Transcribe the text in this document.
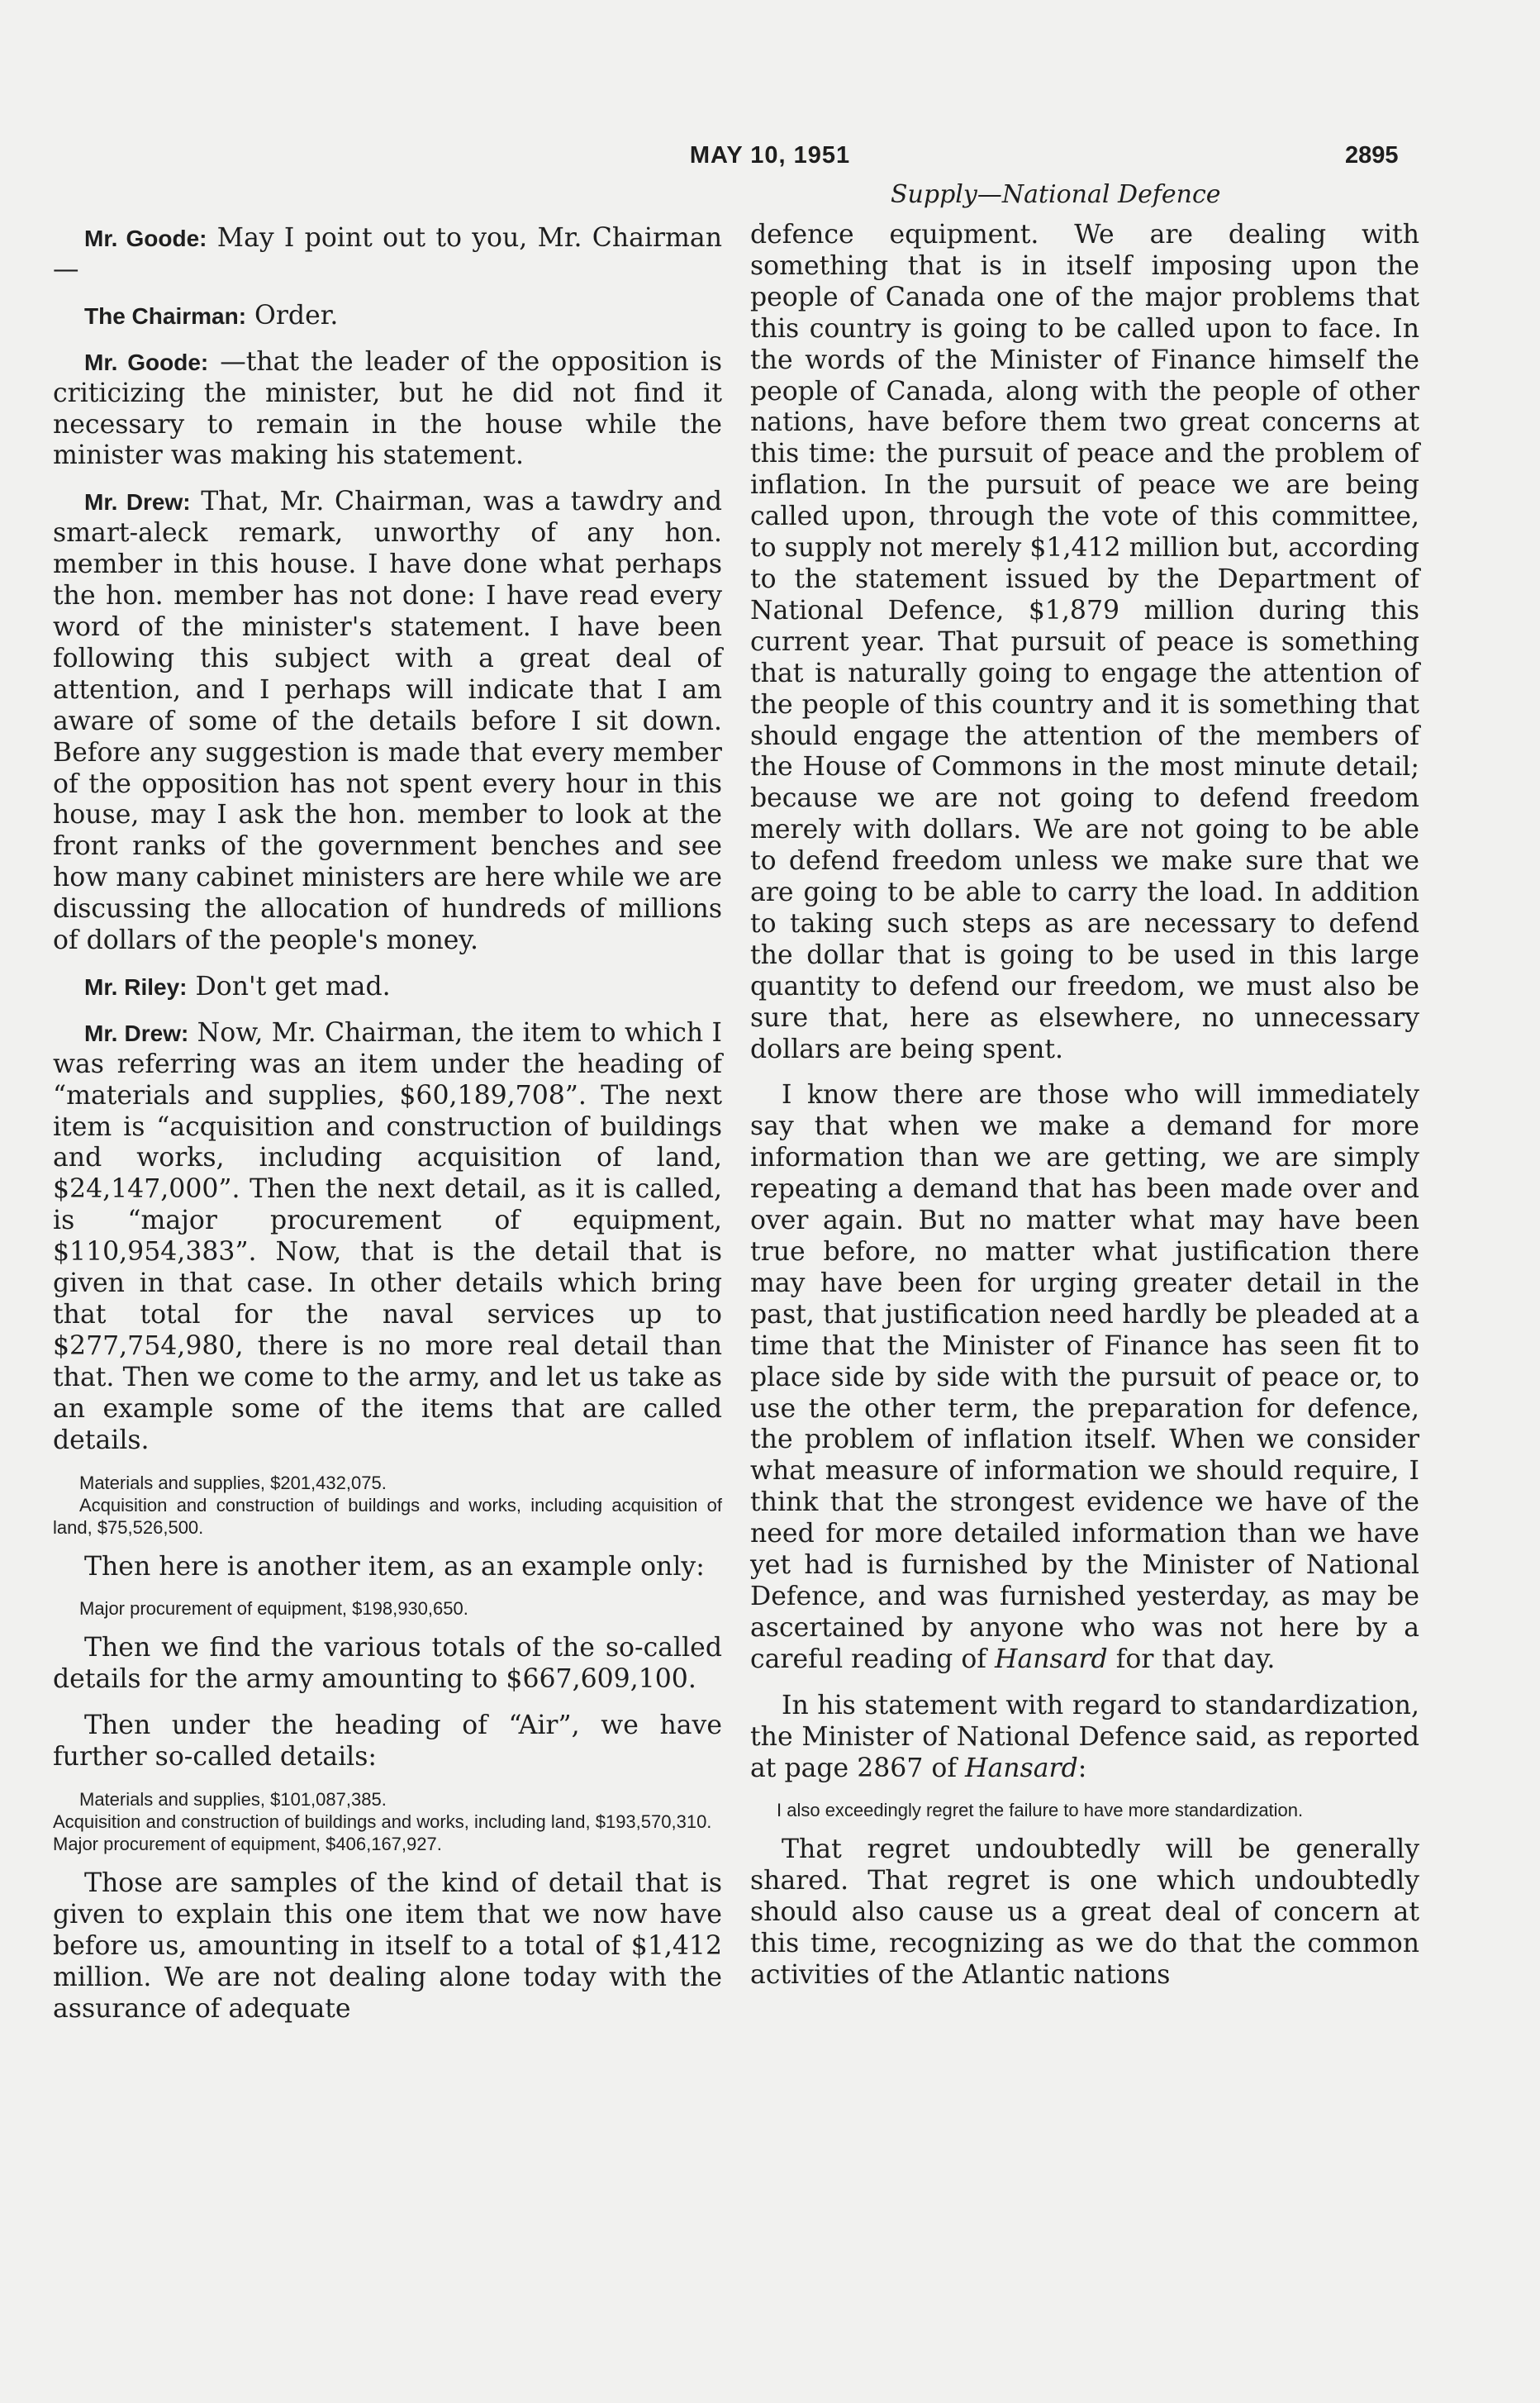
MAY 10, 1951	2895
Supply—National Defence

Mr. Goode: May I point out to you, Mr. Chairman—

The Chairman: Order.

Mr. Goode: —that the leader of the opposition is criticizing the minister, but he did not find it necessary to remain in the house while the minister was making his statement.

Mr. Drew: That, Mr. Chairman, was a tawdry and smart-aleck remark, unworthy of any hon. member in this house. I have done what perhaps the hon. member has not done: I have read every word of the minister's statement. I have been following this subject with a great deal of attention, and I perhaps will indicate that I am aware of some of the details before I sit down. Before any suggestion is made that every member of the opposition has not spent every hour in this house, may I ask the hon. member to look at the front ranks of the government benches and see how many cabinet ministers are here while we are discussing the allocation of hundreds of millions of dollars of the people's money.

Mr. Riley: Don't get mad.

Mr. Drew: Now, Mr. Chairman, the item to which I was referring was an item under the heading of “materials and supplies, $60,189,708”. The next item is “acquisition and construction of buildings and works, including acquisition of land, $24,147,000”. Then the next detail, as it is called, is “major procurement of equipment, $110,954,383”. Now, that is the detail that is given in that case. In other details which bring that total for the naval services up to $277,754,980, there is no more real detail than that. Then we come to the army, and let us take as an example some of the items that are called details.

Materials and supplies, $201,432,075.
Acquisition and construction of buildings and works, including acquisition of land, $75,526,500.

Then here is another item, as an example only:

Major procurement of equipment, $198,930,650.

Then we find the various totals of the so-called details for the army amounting to $667,609,100.

Then under the heading of “Air”, we have further so-called details:

Materials and supplies, $101,087,385.
Acquisition and construction of buildings and works, including land, $193,570,310.
Major procurement of equipment, $406,167,927.

Those are samples of the kind of detail that is given to explain this one item that we now have before us, amounting in itself to a total of $1,412 million. We are not dealing alone today with the assurance of adequate

defence equipment. We are dealing with something that is in itself imposing upon the people of Canada one of the major problems that this country is going to be called upon to face. In the words of the Minister of Finance himself the people of Canada, along with the people of other nations, have before them two great concerns at this time: the pursuit of peace and the problem of inflation. In the pursuit of peace we are being called upon, through the vote of this committee, to supply not merely $1,412 million but, according to the statement issued by the Department of National Defence, $1,879 million during this current year. That pursuit of peace is something that is naturally going to engage the attention of the people of this country and it is something that should engage the attention of the members of the House of Commons in the most minute detail; because we are not going to defend freedom merely with dollars. We are not going to be able to defend freedom unless we make sure that we are going to be able to carry the load. In addition to taking such steps as are necessary to defend the dollar that is going to be used in this large quantity to defend our freedom, we must also be sure that, here as elsewhere, no unnecessary dollars are being spent.

I know there are those who will immediately say that when we make a demand for more information than we are getting, we are simply repeating a demand that has been made over and over again. But no matter what may have been true before, no matter what justification there may have been for urging greater detail in the past, that justification need hardly be pleaded at a time that the Minister of Finance has seen fit to place side by side with the pursuit of peace or, to use the other term, the preparation for defence, the problem of inflation itself. When we consider what measure of information we should require, I think that the strongest evidence we have of the need for more detailed information than we have yet had is furnished by the Minister of National Defence, and was furnished yesterday, as may be ascertained by anyone who was not here by a careful reading of Hansard for that day.

In his statement with regard to standardization, the Minister of National Defence said, as reported at page 2867 of Hansard:

I also exceedingly regret the failure to have more standardization.

That regret undoubtedly will be generally shared. That regret is one which undoubtedly should also cause us a great deal of concern at this time, recognizing as we do that the common activities of the Atlantic nations
